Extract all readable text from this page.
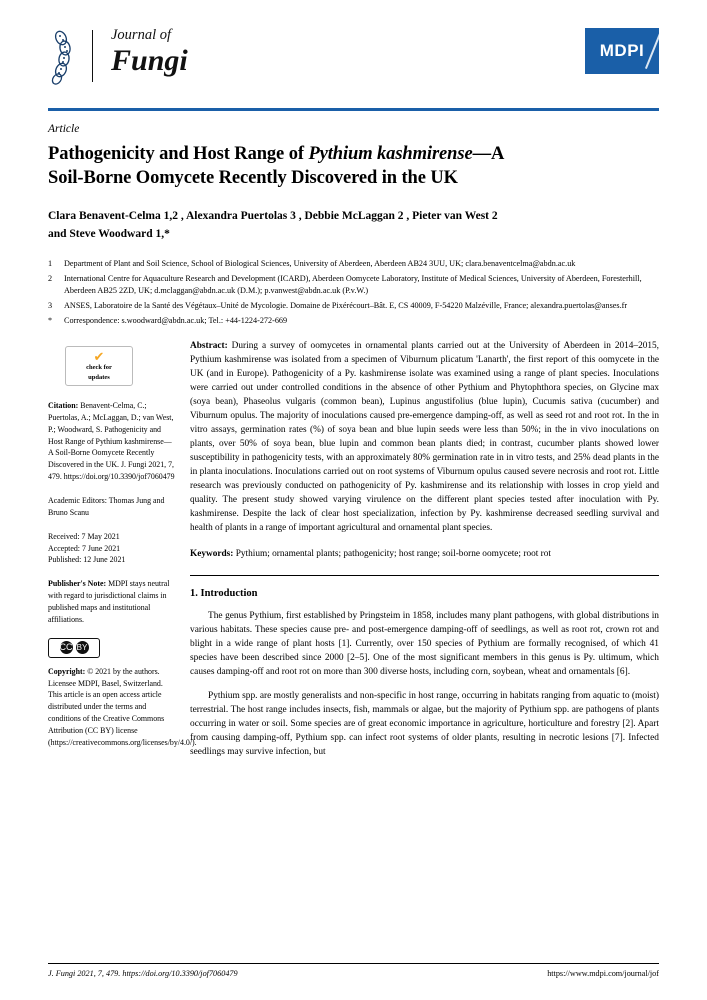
Journal of
Fungi	MDPI
Article
Pathogenicity and Host Range of Pythium kashmirense—A
Soil-Borne Oomycete Recently Discovered in the UK
Clara Benavent-Celma 1,2 , Alexandra Puertolas 3 , Debbie McLaggan 2 , Pieter van West 2
and Steve Woodward 1,*
1	Department of Plant and Soil Science, School of Biological Sciences, University of Aberdeen, Aberdeen AB24 3UU, UK; clara.benaventcelma@abdn.ac.uk
2	International Centre for Aquaculture Research and Development (ICARD), Aberdeen Oomycete Laboratory, Institute of Medical Sciences, University of Aberdeen, Foresterhill, Aberdeen AB25 2ZD, UK; d.mclaggan@abdn.ac.uk (D.M.); p.vanwest@abdn.ac.uk (P.v.W.)
3	ANSES, Laboratoire de la Santé des Végétaux–Unité de Mycologie. Domaine de Pixérécourt–Bât. E, CS 40009, F-54220 Malzéville, France; alexandra.puertolas@anses.fr
*	Correspondence: s.woodward@abdn.ac.uk; Tel.: +44-1224-272-669
✔
check for
updates
Citation: Benavent-Celma, C.; Puertolas, A.; McLaggan, D.; van West, P.; Woodward, S. Pathogenicity and Host Range of Pythium kashmirense—A Soil-Borne Oomycete Recently Discovered in the UK. J. Fungi 2021, 7, 479. https://doi.org/10.3390/jof7060479
Academic Editors: Thomas Jung and Bruno Scanu
Received: 7 May 2021
Accepted: 7 June 2021
Published: 12 June 2021
Publisher's Note: MDPI stays neutral with regard to jurisdictional claims in published maps and institutional affiliations.
CC BY
Copyright: © 2021 by the authors. Licensee MDPI, Basel, Switzerland. This article is an open access article distributed under the terms and conditions of the Creative Commons Attribution (CC BY) license (https://creativecommons.org/licenses/by/4.0/).
Abstract: During a survey of oomycetes in ornamental plants carried out at the University of Aberdeen in 2014–2015, Pythium kashmirense was isolated from a specimen of Viburnum plicatum 'Lanarth', the first report of this oomycete in the UK (and in Europe). Pathogenicity of a Py. kashmirense isolate was examined using a range of plant species. Inoculations were carried out under controlled conditions in the absence of other Pythium and Phytophthora species, on Glycine max (soya bean), Phaseolus vulgaris (common bean), Lupinus angustifolius (blue lupin), Cucumis sativa (cucumber) and Viburnum opulus. The majority of inoculations caused pre-emergence damping-off, as well as seed rot and root rot. In the in vitro assays, germination rates (%) of soya bean and blue lupin seeds were less than 50%; in the in vivo inoculations on plants, over 50% of soya bean, blue lupin and common bean plants died; in contrast, cucumber plants showed lower susceptibility in pathogenicity tests, with an approximately 80% germination rate in in vitro tests, and 25% dead plants in the in planta inoculations. Inoculations carried out on root systems of Viburnum opulus caused severe necrosis and root rot. Little research was previously conducted on pathogenicity of Py. kashmirense and its relationship with losses in crop yield and quality. The present study showed varying virulence on the different plant species tested after inoculation with Py. kashmirense. Despite the lack of clear host specialization, infection by Py. kashmirense decreased seedling survival and health of plants in a range of important agricultural and ornamental plant species.
Keywords: Pythium; ornamental plants; pathogenicity; host range; soil-borne oomycete; root rot
1. Introduction

The genus Pythium, first established by Pringsteim in 1858, includes many plant pathogens, with global distributions in various habitats. These species cause pre- and post-emergence damping-off of seedlings, as well as root rot, crown rot and blight in a wide range of plant hosts [1]. Currently, over 150 species of Pythium are formally recognised, of which 41 species have been described since 2000 [2–5]. One of the most significant members in this genus is Py. ultimum, which causes damping-off and root rot on more than 300 diverse hosts, including corn, soybean, wheat and ornamentals [6].

Pythium spp. are mostly generalists and non-specific in host range, occurring in habitats ranging from aquatic to (moist) terrestrial. The host range includes insects, fish, mammals or algae, but the majority of Pythium spp. are pathogens of plants occurring in water or soil. Some species are of great economic importance in agriculture, horticulture and forestry [2]. Apart from causing damping-off, Pythium spp. can infect root systems of older plants, resulting in necrotic lesions [7]. Infected seedlings may survive infection, but

J. Fungi 2021, 7, 479. https://doi.org/10.3390/jof7060479	https://www.mdpi.com/journal/jof
